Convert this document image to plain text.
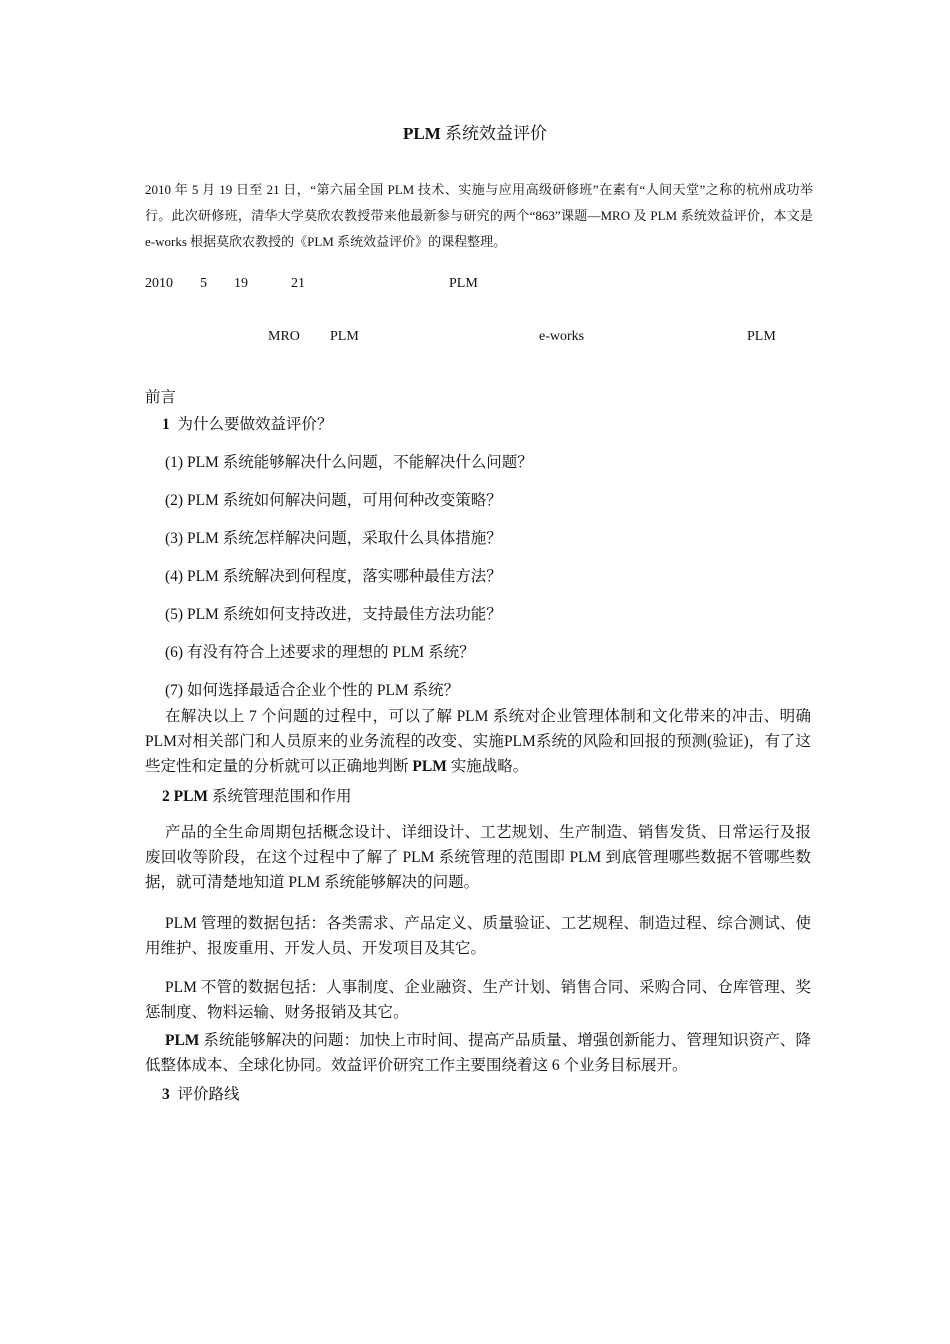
PLM 系统效益评价
2010 年 5 月 19 日至 21 日，“第六届全国 PLM 技术、实施与应用高级研修班”在素有“人间天堂”之称的杭州成功举行。此次研修班，清华大学莫欣农教授带来他最新参与研究的两个“863”课题—MRO 及 PLM 系统效益评价，本文是 e-works 根据莫欣农教授的《PLM 系统效益评价》的课程整理。
2010 5 19	21	PLM
MRO PLM	e-works	PLM
前言
1 为什么要做效益评价？
(1) PLM 系统能够解决什么问题，不能解决什么问题？
(2) PLM 系统如何解决问题，可用何种改变策略？
(3) PLM 系统怎样解决问题，采取什么具体措施？
(4) PLM 系统解决到何程度，落实哪种最佳方法？
(5) PLM 系统如何支持改进，支持最佳方法功能？
(6) 有没有符合上述要求的理想的 PLM 系统？
(7) 如何选择最适合企业个性的 PLM 系统？
在解决以上 7 个问题的过程中，可以了解 PLM 系统对企业管理体制和文化带来的冲击、明确PLM对相关部门和人员原来的业务流程的改变、实施PLM系统的风险和回报的预测(验证)，有了这些定性和定量的分析就可以正确地判断 PLM 实施战略。
2 PLM 系统管理范围和作用
产品的全生命周期包括概念设计、详细设计、工艺规划、生产制造、销售发货、日常运行及报废回收等阶段，在这个过程中了解了 PLM 系统管理的范围即 PLM 到底管理哪些数据不管哪些数据，就可清楚地知道 PLM 系统能够解决的问题。
PLM 管理的数据包括：各类需求、产品定义、质量验证、工艺规程、制造过程、综合测试、使用维护、报废重用、开发人员、开发项目及其它。
PLM 不管的数据包括：人事制度、企业融资、生产计划、销售合同、采购合同、仓库管理、奖惩制度、物料运输、财务报销及其它。
PLM 系统能够解决的问题：加快上市时间、提高产品质量、增强创新能力、管理知识资产、降低整体成本、全球化协同。效益评价研究工作主要围绕着这 6 个业务目标展开。
3 评价路线
